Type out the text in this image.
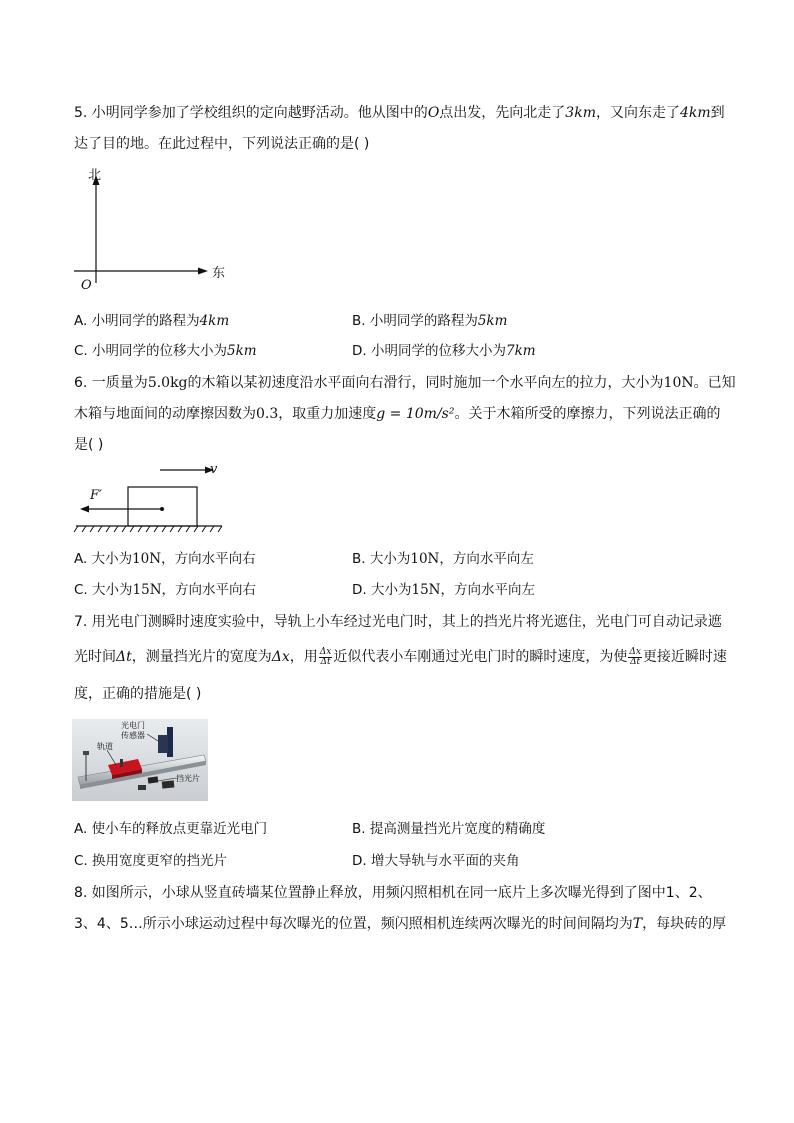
5. 小明同学参加了学校组织的定向越野活动。他从图中的O点出发，先向北走了3km，又向东走了4km到
达了目的地。在此过程中，下列说法正确的是( )
北
东
O
A. 小明同学的路程为4km	B. 小明同学的路程为5km
C. 小明同学的位移大小为5km	D. 小明同学的位移大小为7km
6. 一质量为5.0kg的木箱以某初速度沿水平面向右滑行，同时施加一个水平向左的拉力，大小为10N。已知
木箱与地面间的动摩擦因数为0.3，取重力加速度g = 10m/s²。关于木箱所受的摩擦力，下列说法正确的
是( )
v
F′
A. 大小为10N，方向水平向右	B. 大小为10N，方向水平向左
C. 大小为15N，方向水平向右	D. 大小为15N，方向水平向左
7. 用光电门测瞬时速度实验中，导轨上小车经过光电门时，其上的挡光片将光遮住，光电门可自动记录遮
光时间Δt，测量挡光片的宽度为Δx，用 $\frac{\Delta x}{\Delta t}$ 近似代表小车刚通过光电门时的瞬时速度，为使 $\frac{\Delta x}{\Delta t}$ 更接近瞬时速
度，正确的措施是( )
光电门
传感器
轨道
挡光片
A. 使小车的释放点更靠近光电门	B. 提高测量挡光片宽度的精确度
C. 换用宽度更窄的挡光片	D. 增大导轨与水平面的夹角
8. 如图所示，小球从竖直砖墙某位置静止释放，用频闪照相机在同一底片上多次曝光得到了图中1、2、
3、4、5…所示小球运动过程中每次曝光的位置，频闪照相机连续两次曝光的时间间隔均为T，每块砖的厚
